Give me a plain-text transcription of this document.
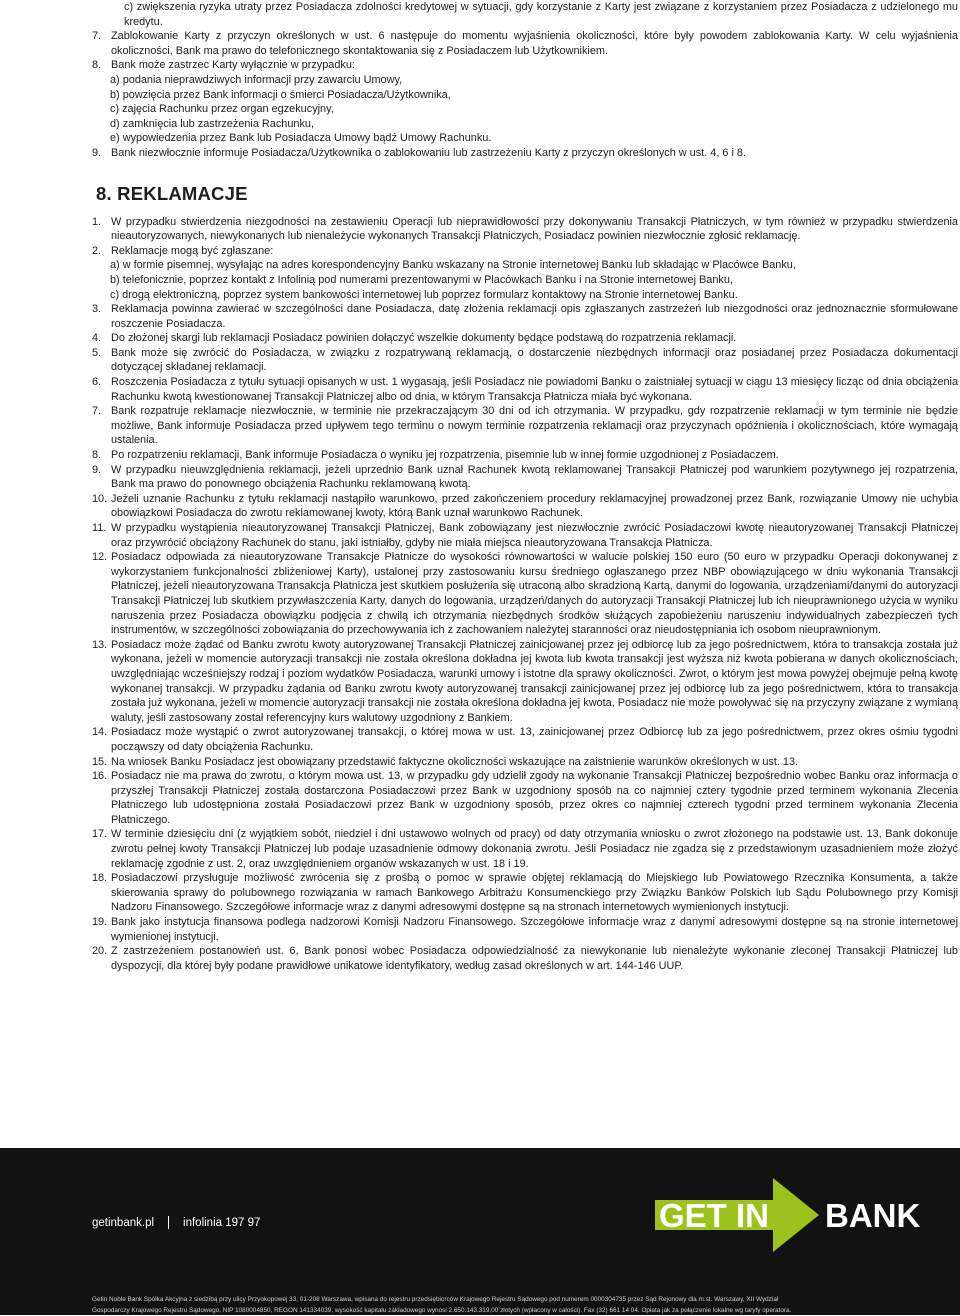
c) zwiększenia ryzyka utraty przez Posiadacza zdolności kredytowej w sytuacji, gdy korzystanie z Karty jest związane z korzystaniem przez Posiadacza z udzielonego mu kredytu.
7. Zablokowanie Karty z przyczyn określonych w ust. 6 następuje do momentu wyjaśnienia okoliczności, które były powodem zablokowania Karty. W celu wyjaśnienia okoliczności, Bank ma prawo do telefonicznego skontaktowania się z Posiadaczem lub Użytkownikiem.
8. Bank może zastrzec Karty wyłącznie w przypadku:
a) podania nieprawdziwych informacji przy zawarciu Umowy,
b) powzięcia przez Bank informacji o śmierci Posiadacza/Użytkownika,
c) zajęcia Rachunku przez organ egzekucyjny,
d) zamknięcia lub zastrzeżenia Rachunku,
e) wypowiedzenia przez Bank lub Posiadacza Umowy bądź Umowy Rachunku.
9. Bank niezwłocznie informuje Posiadacza/Użytkownika o zablokowaniu lub zastrzeżeniu Karty z przyczyn określonych w ust. 4, 6 i 8.
8. REKLAMACJE
1. W przypadku stwierdzenia niezgodności na zestawieniu Operacji lub nieprawidłowości przy dokonywaniu Transakcji Płatniczych, w tym również w przypadku stwierdzenia nieautoryzowanych, niewykonanych lub nienależycie wykonanych Transakcji Płatniczych, Posiadacz powinien niezwłocznie zgłosić reklamację.
2. Reklamacje mogą być zgłaszane:
a) w formie pisemnej, wysyłając na adres korespondencyjny Banku wskazany na Stronie internetowej Banku lub składając w Placówce Banku,
b) telefonicznie, poprzez kontakt z Infolinią pod numerami prezentowanymi w Placówkach Banku i na Stronie internetowej Banku,
c) drogą elektroniczną, poprzez system bankowości internetowej lub poprzez formularz kontaktowy na Stronie internetowej Banku.
3. Reklamacja powinna zawierać w szczególności dane Posiadacza, datę złożenia reklamacji opis zgłaszanych zastrzeżeń lub niezgodności oraz jednoznacznie sformułowane roszczenie Posiadacza.
4. Do złożonej skargi lub reklamacji Posiadacz powinien dołączyć wszelkie dokumenty będące podstawą do rozpatrzenia reklamacji.
5. Bank może się zwrócić do Posiadacza, w związku z rozpatrywaną reklamacją, o dostarczenie niezbędnych informacji oraz posiadanej przez Posiadacza dokumentacji dotyczącej składanej reklamacji.
6. Roszczenia Posiadacza z tytułu sytuacji opisanych w ust. 1 wygasają, jeśli Posiadacz nie powiadomi Banku o zaistniałej sytuacji w ciągu 13 miesięcy licząc od dnia obciążenia Rachunku kwotą kwestionowanej Transakcji Płatniczej albo od dnia, w którym Transakcja Płatnicza miała być wykonana.
7. Bank rozpatruje reklamacje niezwłocznie, w terminie nie przekraczającym 30 dni od ich otrzymania. W przypadku, gdy rozpatrzenie reklamacji w tym terminie nie będzie możliwe, Bank informuje Posiadacza przed upływem tego terminu o nowym terminie rozpatrzenia reklamacji oraz przyczynach opóźnienia i okolicznościach, które wymagają ustalenia.
8. Po rozpatrzeniu reklamacji, Bank informuje Posiadacza o wyniku jej rozpatrzenia, pisemnie lub w innej formie uzgodnionej z Posiadaczem.
9. W przypadku nieuwzględnienia reklamacji, jeżeli uprzednio Bank uznał Rachunek kwotą reklamowanej Transakcji Płatniczej pod warunkiem pozytywnego jej rozpatrzenia, Bank ma prawo do ponownego obciążenia Rachunku reklamowaną kwotą.
10. Jeżeli uznanie Rachunku z tytułu reklamacji nastąpiło warunkowo, przed zakończeniem procedury reklamacyjnej prowadzonej przez Bank, rozwiązanie Umowy nie uchybia obowiązkowi Posiadacza do zwrotu reklamowanej kwoty, którą Bank uznał warunkowo Rachunek.
11. W przypadku wystąpienia nieautoryzowanej Transakcji Płatniczej, Bank zobowiązany jest niezwłocznie zwrócić Posiadaczowi kwotę nieautoryzowanej Transakcji Płatniczej oraz przywrócić obciążony Rachunek do stanu, jaki istniałby, gdyby nie miała miejsca nieautoryzowana Transakcja Płatnicza.
12. Posiadacz odpowiada za nieautoryzowane Transakcje Płatnicze do wysokości równowartości w walucie polskiej 150 euro (50 euro w przypadku Operacji dokonywanej z wykorzystaniem funkcjonalności zbliżeniowej Karty), ustalonej przy zastosowaniu kursu średniego ogłaszanego przez NBP obowiązującego w dniu wykonania Transakcji Płatniczej, jeżeli nieautoryzowana Transakcja Płatnicza jest skutkiem posłużenia się utraconą albo skradzioną Kartą, danymi do logowania, urządzeniami/danymi do autoryzacji Transakcji Płatniczej lub skutkiem przywłaszczenia Karty, danych do logowania, urządzeń/danych do autoryzacji Transakcji Płatniczej lub ich nieuprawnionego użycia w wyniku naruszenia przez Posiadacza obowiązku podjęcia z chwilą ich otrzymania niezbędnych środków służących zapobieżeniu naruszeniu indywidualnych zabezpieczeń tych instrumentów, w szczególności zobowiązania do przechowywania ich z zachowaniem należytej staranności oraz nieudostępniania ich osobom nieuprawnionym.
13. Posiadacz może żądać od Banku zwrotu kwoty autoryzowanej Transakcji Płatniczej zainicjowanej przez jej odbiorcę lub za jego pośrednictwem, która to transakcja została już wykonana, jeżeli w momencie autoryzacji transakcji nie została określona dokładna jej kwota lub kwota transakcji jest wyższa niż kwota pobierana w danych okolicznościach, uwzględniając wcześniejszy rodzaj i poziom wydatków Posiadacza, warunki umowy i istotne dla sprawy okoliczności. Zwrot, o którym jest mowa powyżej obejmuje pełną kwotę wykonanej transakcji. W przypadku żądania od Banku zwrotu kwoty autoryzowanej transakcji zainicjowanej przez jej odbiorcę lub za jego pośrednictwem, która to transakcja została już wykonana, jeżeli w momencie autoryzacji transakcji nie została określona dokładna jej kwota, Posiadacz nie może powoływać się na przyczyny związane z wymianą waluty, jeśli zastosowany został referencyjny kurs walutowy uzgodniony z Bankiem.
14. Posiadacz może wystąpić o zwrot autoryzowanej transakcji, o której mowa w ust. 13, zainicjowanej przez Odbiorcę lub za jego pośrednictwem, przez okres ośmiu tygodni począwszy od daty obciążenia Rachunku.
15. Na wniosek Banku Posiadacz jest obowiązany przedstawić faktyczne okoliczności wskazujące na zaistnienie warunków określonych w ust. 13.
16. Posiadacz nie ma prawa do zwrotu, o którym mowa ust. 13, w przypadku gdy udzielił zgody na wykonanie Transakcji Płatniczej bezpośrednio wobec Banku oraz informacja o przyszłej Transakcji Płatniczej została dostarczona Posiadaczowi przez Bank w uzgodniony sposób na co najmniej cztery tygodnie przed terminem wykonania Zlecenia Płatniczego lub udostępniona została Posiadaczowi przez Bank w uzgodniony sposób, przez okres co najmniej czterech tygodni przed terminem wykonania Zlecenia Płatniczego.
17. W terminie dziesięciu dni (z wyjątkiem sobót, niedziel i dni ustawowo wolnych od pracy) od daty otrzymania wniosku o zwrot złożonego na podstawie ust. 13, Bank dokonuje zwrotu pełnej kwoty Transakcji Płatniczej lub podaje uzasadnienie odmowy dokonania zwrotu. Jeśli Posiadacz nie zgadza się z przedstawionym uzasadnieniem może złożyć reklamację zgodnie z ust. 2, oraz uwzględnieniem organów wskazanych w ust. 18 i 19.
18. Posiadaczowi przysługuje możliwość zwrócenia się z prośbą o pomoc w sprawie objętej reklamacją do Miejskiego lub Powiatowego Rzecznika Konsumenta, a także skierowania sprawy do polubownego rozwiązania w ramach Bankowego Arbitrażu Konsumenckiego przy Związku Banków Polskich lub Sądu Polubownego przy Komisji Nadzoru Finansowego. Szczegółowe informacje wraz z danymi adresowymi dostępne są na stronach internetowych wymienionych instytucji.
19. Bank jako instytucja finansowa podlega nadzorowi Komisji Nadzoru Finansowego. Szczegółowe informacje wraz z danymi adresowymi dostępne są na stronie internetowej wymienionej instytucji.
20. Z zastrzeżeniem postanowień ust. 6, Bank ponosi wobec Posiadacza odpowiedzialność za niewykonanie lub nienależyte wykonanie zleconej Transakcji Płatniczej lub dyspozycji, dla której były podane prawidłowe unikatowe identyfikatory, według zasad określonych w art. 144-146 UUP.
getinbank.pl	infolinia 197 97	GET IN BANK
Getin Noble Bank Spółka Akcyjna z siedzibą przy ulicy Przyokopowej 33, 01-208 Warszawa, wpisana do rejestru przedsiębiorców Krajowego Rejestru Sądowego pod numerem 0000304735 przez Sąd Rejonowy dla m.st. Warszawy, XII Wydział
Gospodarczy Krajowego Rejestru Sądowego, NIP 1080004850, REGON 141334039, wysokość kapitału zakładowego wynosi 2.650.143.319,00 złotych (wpłacony w całości). Fax (32) 661 14 04. Opłata jak za połączenie lokalne wg taryfy operatora.
